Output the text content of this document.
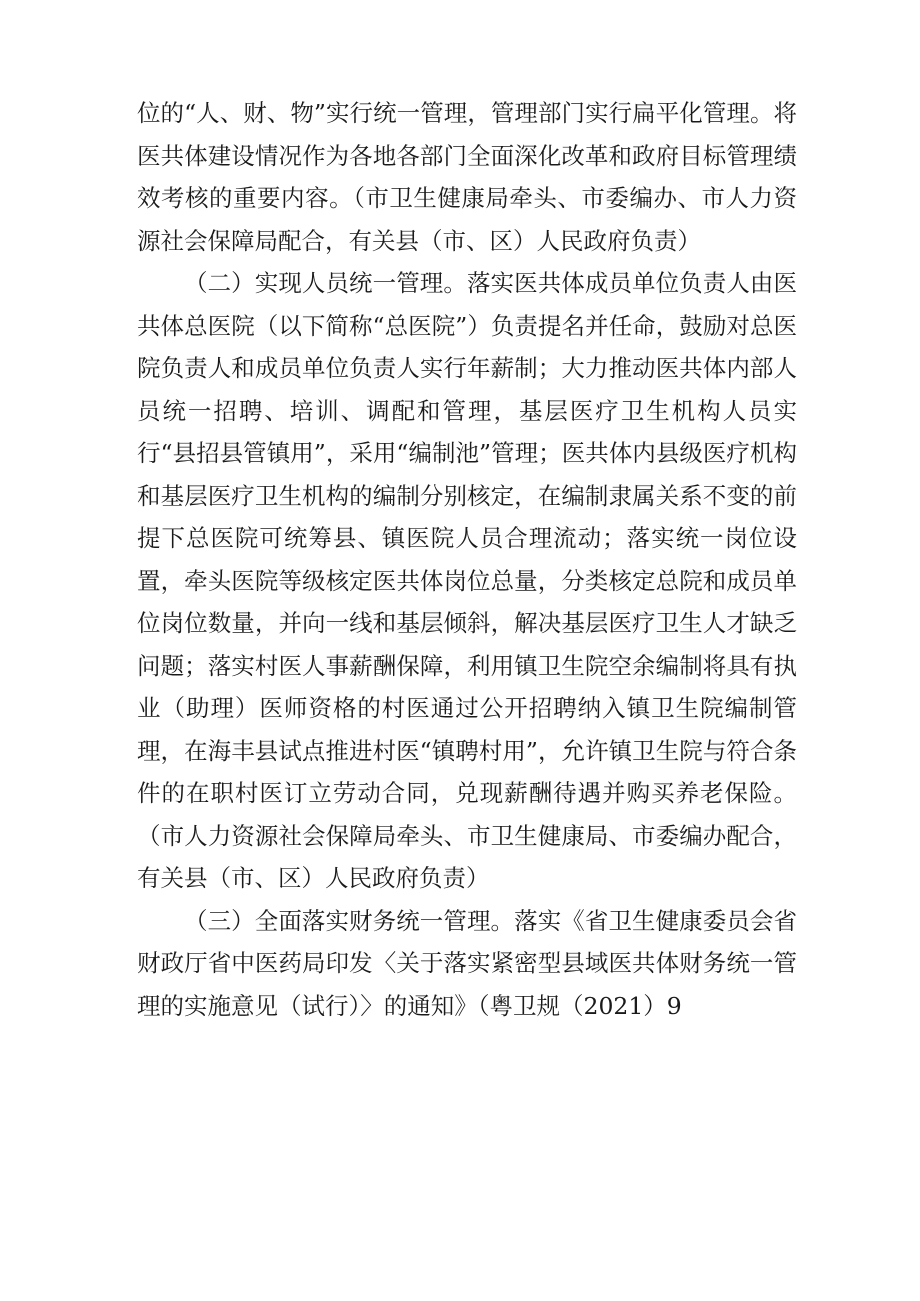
位的“人、财、物”实行统一管理，管理部门实行扁平化管理。将医共体建设情况作为各地各部门全面深化改革和政府目标管理绩效考核的重要内容。（市卫生健康局牵头、市委编办、市人力资源社会保障局配合，有关县（市、区）人民政府负责）

（二）实现人员统一管理。落实医共体成员单位负责人由医共体总医院（以下简称“总医院”）负责提名并任命，鼓励对总医院负责人和成员单位负责人实行年薪制；大力推动医共体内部人员统一招聘、培训、调配和管理，基层医疗卫生机构人员实行“县招县管镇用”，采用“编制池”管理；医共体内县级医疗机构和基层医疗卫生机构的编制分别核定，在编制隶属关系不变的前提下总医院可统筹县、镇医院人员合理流动；落实统一岗位设置，牵头医院等级核定医共体岗位总量，分类核定总院和成员单位岗位数量，并向一线和基层倾斜，解决基层医疗卫生人才缺乏问题；落实村医人事薪酬保障，利用镇卫生院空余编制将具有执业（助理）医师资格的村医通过公开招聘纳入镇卫生院编制管理，在海丰县试点推进村医“镇聘村用”，允许镇卫生院与符合条件的在职村医订立劳动合同，兑现薪酬待遇并购买养老保险。（市人力资源社会保障局牵头、市卫生健康局、市委编办配合，有关县（市、区）人民政府负责）

（三）全面落实财务统一管理。落实《省卫生健康委员会省财政厅省中医药局印发〈关于落实紧密型县域医共体财务统一管理的实施意见（试行）〉的通知》（粤卫规（2021）9
